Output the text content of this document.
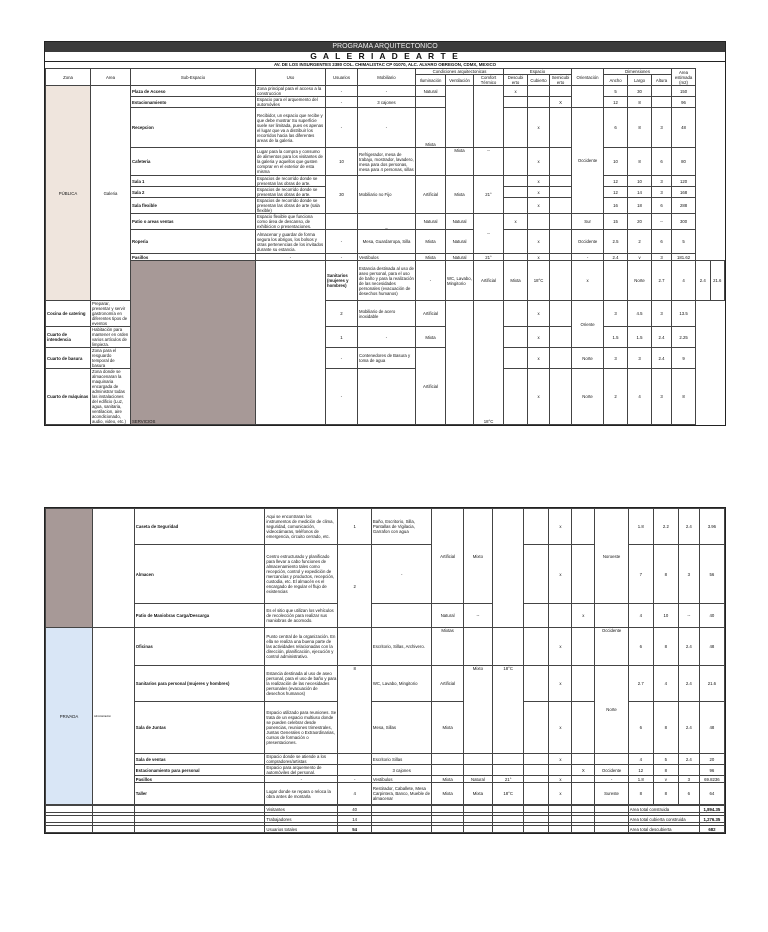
PROGRAMA ARQUITECTONICO
G A L E R I A D E A R T E
AV. DE LOS INSURGENTES 2380 COL. CHIMALISTAC CP 01070, ALC. ALVARO OBREGON, CDMX, MEXICO
Zona	Area	Sub-Espacio	Uso	Usuarios	Mobiliario	Condiciones arquitectonicas			Espacio			Orientación	Dimensiones			Area estimada (m2)		
						Iluminación	Ventilación	Comfort Térmico	Descubi erto	Cubierto	Semicubi erto		Ancho	Largo	Altura			

PÚBLICA	Galeria	Plaza de Acceso	Zona principal para el acceso a la construccion	-	-	Natural			x				5	30		150		
		Estacionamiento	Espacio para el arquemento del automóviles	-	3 cajones						X		12	8		96		
		Recepcion	Recibidor, un espacio que recibe y que debe mostrar Su superficie suele ser limitada, pues es apenas el lugar que va a distribuir los recorridos hacia las diferentes areas de la galeria.	-	-	Mixta				x		Occidente	6	8	3	48		
		Cafeteria	Lugar para la compra y consumo de alimentos para los visitantes de la galeria y aquellos que gusten comprar en el exterior de esta misma	10	Refrigerador, mesa de trabajo, mostrador, lavadero, mesa para dos personas, mesa para 4 personas, sillas		Mixta	--		x			10	8	6	80		
		Sala 1	Espacios de recorrido donde se presentan las obras de arte.	30	Mobiliario no Fijo	Artificial	Mixta	21°		x			12	10	3	120		
		Sala 2	Espacios de recorrido donde se presentan las obras de arte.							x			12	14	3	168		
		Sala flexible	Espacios de recorrido donde se presentan las obras de arte (sala flexible)							x			16	18	6	288		
		Patio o areas ventas	Espacio flexible que funciona como área de descanso, de exhibicion o presentaciones.		_	Natural	Natural	--	x			Sur	15	20	--	300		
		Roperia	Almacenar y guardar de forma segura los abrigos, los bolsos y otras pertenencias de los invitados durante su estancia.	-	Mesa, Guardarropa, Silla	Mixta	Natural			x		Occidente	2.5	2	6	5		
		Pasillos	-	-	Vestibulos	Mixta	Natural	21°		x		-	2.4	v	3	181.62		
		SERVICIOS		Sanitarios (mujeres y hombres)	Estancia destinada al uso de aseo personal, para el uso de baño y para la realización de las necesidades personales (evacuación de desechos humanos)	-	WC, Lavabo, Mingitorio	Artificial	Mixta	18°C		x		Norte	2.7	4	2.4	21.6
Cocina de catering	Preparar, presentar y servir gastronomía en diferentes tipos de eventos			2	Mobiliario de acero inoxidable	Artificial		18°C		x		Oriente	3	4.5	3	13.5		
Cuarto de intendencia	Habitación para mantener en orden varios artículos de limpieza.			1	-	Mixta				x			1.5	1.5	2.4	2.25		
Cuarto de basura	Zona para el resguardo temporal de basura			-	Contenedores de Basura y toma de agua	Artificial				x		Norte	3	3	2.4	9		
Cuarto de máquinas	Zona donde se almacenaran la maquinaria encargada de administrar todas las instalaciones del edificio (Luz, agua, sanitaria, ventilacion, aire acondicionado, audio, video, etc.)			-						x		Norte	2	4	3	8		
		Caseta de Seguridad	Aqui se encontraran los instrumentos de medición de clima, seguridad, comunicación, videocámaras, teléfonos de emergencia, circuito cerrado, etc.	1	Baño, Escritorio, Silla, Pantallas de Vigilacia, Garrafon con agua	Artificial	Mixto			x		Noroeste	1.8	2.2	2.4	3.96
		Almacen	Centro estructurado y planificado para llevar a cabo funciones de almacenamiento tales como recepción, control y expedición de mercancías y productos, recepción, custodia, etc. El almacén es el encargado de regular el flujo de existencias	2	-					x			7	8	3	56
		Patio de Maniobras Carga/Descarga	Es el sitio que utilizan los vehículos de recolección para realizar sus maniobras de acomodo.			Natural	--				x		4	10	--	40
PRIVADA	Administración	Oficinas	Punto central de la organización. En ella se realiza una buena parte de las actividades relacionadas con la dirección, planificación, ejecución y control administrativo.		Escritorio, Sillas, Archivero.	Mixtas				x		Occidente	6	8	2.4	48
		Sanitarios para personal (mujeres y hombres)	Estancia destinada al uso de aseo personal, para el uso de baño y para la realización de las necesidades personales (evacuación de desechos humanos)	8	WC, Lavabo, Mingitorio	Artificial	Mixto	18°C		x		Norte	2.7	4	2.4	21.6
		Sala de Juntas	Espacio utilizado para reuniones. Se trata de un espacio multiuso donde se pueden celebrar desde ponencias, reuniones trimestrales, Juntas Generales o Extraordinarias, cursos de formación o presentaciones.		Mesa, Sillas	Mixta				x			6	8	2.4	48
		Sala de ventas	Espacio donde se atiende a los compradores/artistas		Escritorio Sillas					x			4	5	2.4	20
		Estacionamiento para personal	Espacio para arquemento de automóviles del personal.		3 cajones						X	Occidente	12	8		96
		Pasillos	-	-	Vestibulos	Mixta	Natural	21°		x		-	1.8	v	3	69.8236
		Taller	Lugar donde se repara o reloca la obra antes de montarla	4	Restirador, Caballete, Mesa Carpintera, Banco, Mueble de almacenar	Mixta	Mixta	18°C		x		Sureste	8	8	6	64
			Visitantes	40									Area total construida	1,894.35

			Trabajadores	14									Area total cubierta construida	1,276.35

			Usuarios totales	54									Area total descubierta	682
